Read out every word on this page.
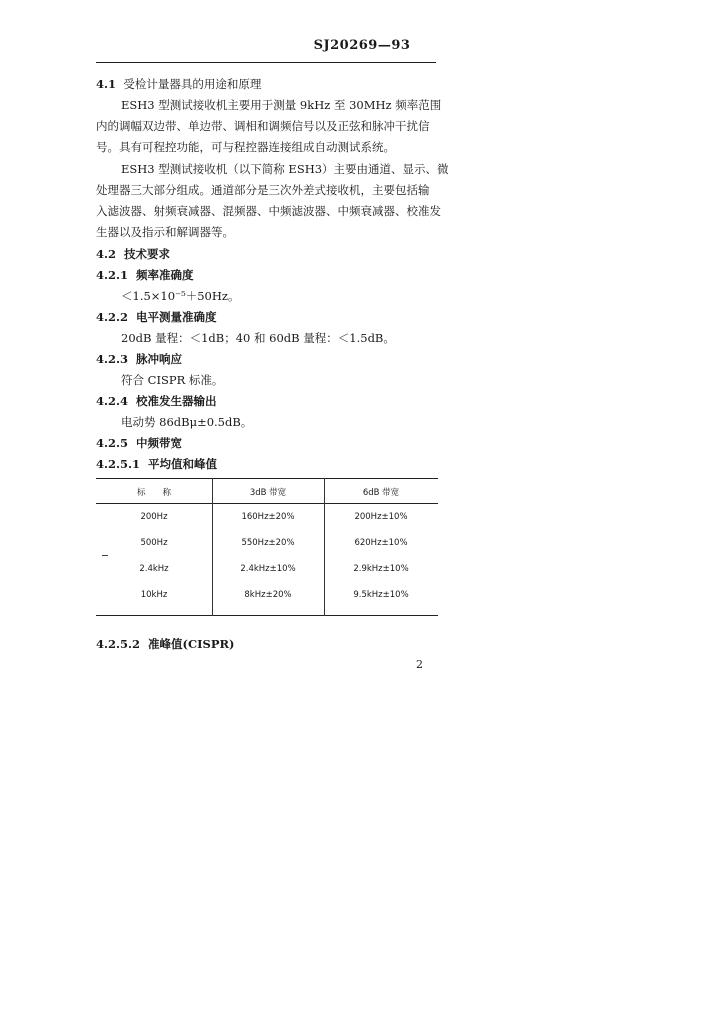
SJ20269—93
4.1 受检计量器具的用途和原理
ESH3 型测试接收机主要用于测量 9kHz 至 30MHz 频率范围
内的调幅双边带、单边带、调相和调频信号以及正弦和脉冲干扰信
号。具有可程控功能，可与程控器连接组成自动测试系统。
ESH3 型测试接收机（以下简称 ESH3）主要由通道、显示、微
处理器三大部分组成。通道部分是三次外差式接收机，主要包括输
入滤波器、射频衰减器、混频器、中频滤波器、中频衰减器、校准发
生器以及指示和解调器等。
4.2 技术要求
4.2.1 频率准确度
＜1.5×10⁻⁵＋50Hz。
4.2.2 电平测量准确度
20dB 量程：＜1dB；40 和 60dB 量程：＜1.5dB。
4.2.3 脉冲响应
符合 CISPR 标准。
4.2.4 校准发生器输出
电动势 86dBμ±0.5dB。
4.2.5 中频带宽
4.2.5.1 平均值和峰值
标　　称	3dB 带宽	6dB 带宽
200Hz	160Hz±20%	200Hz±10%
500Hz	550Hz±20%	620Hz±10%
2.4kHz	2.4kHz±10%	2.9kHz±10%
10kHz	8kHz±20%	9.5kHz±10%
4.2.5.2 准峰值(CISPR)
2
